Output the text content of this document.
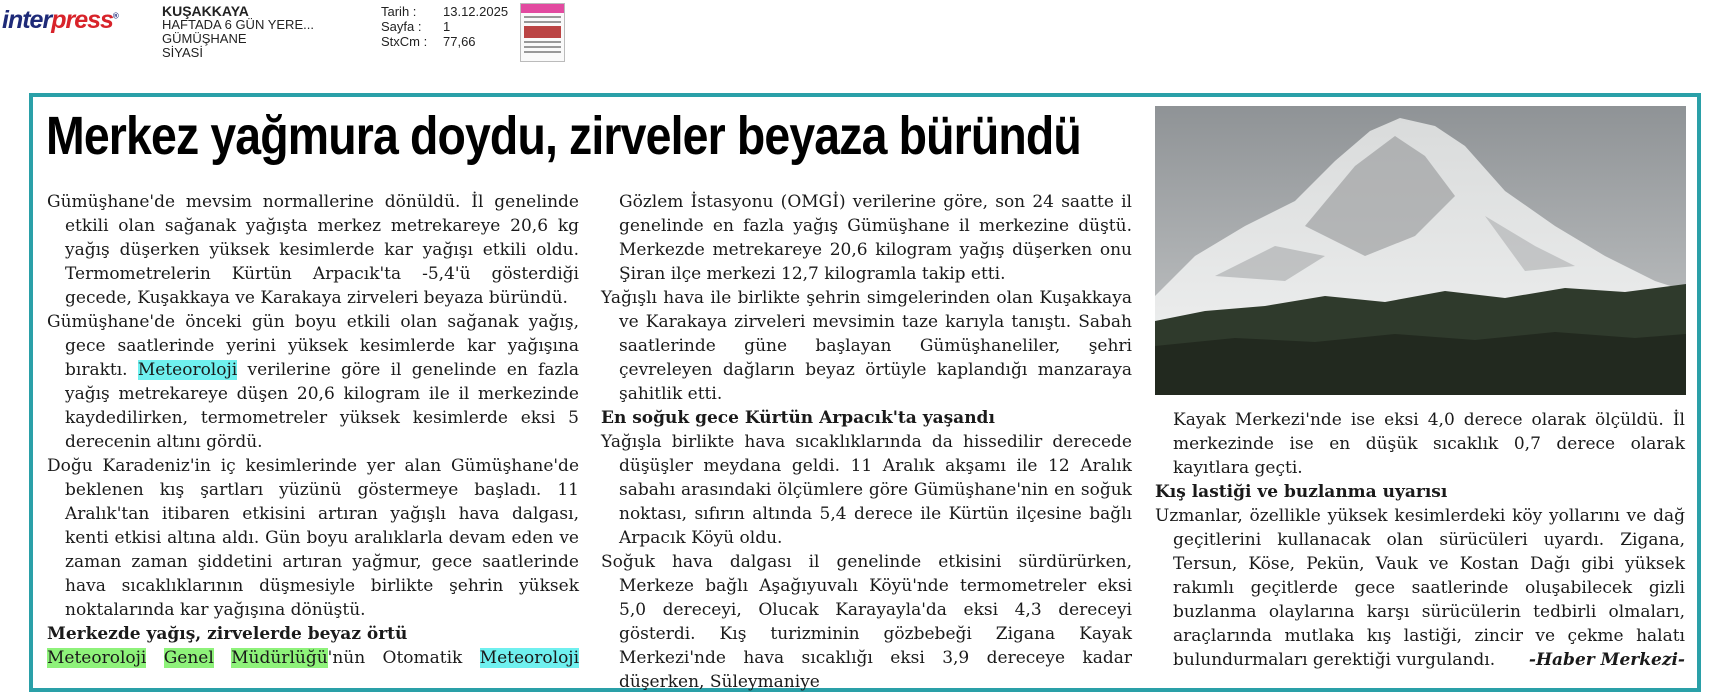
interpress®	KUŞAKKAYA
HAFTADA 6 GÜN YERE...
GÜMÜŞHANE
SİYASİ
Tarih :	13.12.2025
Sayfa :	1
StxCm :	77,66
Merkez yağmura doydu, zirveler beyaza büründü

Gümüşhane'de mevsim normallerine dönüldü. İl genelinde etkili olan sağanak yağışta merkez metrekareye 20,6 kg yağış düşerken yüksek kesimlerde kar yağışı etkili oldu. Termometrelerin Kürtün Arpacık'ta -5,4'ü gösterdiği gecede, Kuşakkaya ve Karakaya zirveleri beyaza büründü.

Gümüşhane'de önceki gün boyu etkili olan sağanak yağış, gece saatlerinde yerini yüksek kesimlerde kar yağışına bıraktı. Meteoroloji verilerine göre il genelinde en fazla yağış metrekareye düşen 20,6 kilogram ile il merkezinde kaydedilirken, termometreler yüksek kesimlerde eksi 5 derecenin altını gördü.

Doğu Karadeniz'in iç kesimlerinde yer alan Gümüşhane'de beklenen kış şartları yüzünü göstermeye başladı. 11 Aralık'tan itibaren etkisini artıran yağışlı hava dalgası, kenti etkisi altına aldı. Gün boyu aralıklarla devam eden ve zaman zaman şiddetini artıran yağmur, gece saatlerinde hava sıcaklıklarının düşmesiyle birlikte şehrin yüksek noktalarında kar yağışına dönüştü.

Merkezde yağış, zirvelerde beyaz örtü

Meteoroloji Genel Müdürlüğü'nün Otomatik Meteoroloji

Gözlem İstasyonu (OMGİ) verilerine göre, son 24 saatte il genelinde en fazla yağış Gümüşhane il merkezine düştü. Merkezde metrekareye 20,6 kilogram yağış düşerken onu Şiran ilçe merkezi 12,7 kilogramla takip etti.

Yağışlı hava ile birlikte şehrin simgelerinden olan Kuşakkaya ve Karakaya zirveleri mevsimin taze karıyla tanıştı. Sabah saatlerinde güne başlayan Gümüşhaneliler, şehri çevreleyen dağların beyaz örtüyle kaplandığı manzaraya şahitlik etti.

En soğuk gece Kürtün Arpacık'ta yaşandı

Yağışla birlikte hava sıcaklıklarında da hissedilir derecede düşüşler meydana geldi. 11 Aralık akşamı ile 12 Aralık sabahı arasındaki ölçümlere göre Gümüşhane'nin en soğuk noktası, sıfırın altında 5,4 derece ile Kürtün ilçesine bağlı Arpacık Köyü oldu.

Soğuk hava dalgası il genelinde etkisini sürdürürken, Merkeze bağlı Aşağıyuvalı Köyü'nde termometreler eksi 5,0 dereceyi, Olucak Karayayla'da eksi 4,3 dereceyi gösterdi. Kış turizminin gözbebeği Zigana Kayak Merkezi'nde hava sıcaklığı eksi 3,9 dereceye kadar düşerken, Süleymaniye

Kayak Merkezi'nde ise eksi 4,0 derece olarak ölçüldü. İl merkezinde ise en düşük sıcaklık 0,7 derece olarak kayıtlara geçti.

Kış lastiği ve buzlanma uyarısı

Uzmanlar, özellikle yüksek kesimlerdeki köy yollarını ve dağ geçitlerini kullanacak olan sürücüleri uyardı. Zigana, Tersun, Köse, Pekün, Vauk ve Kostan Dağı gibi yüksek rakımlı geçitlerde gece saatlerinde oluşabilecek gizli buzlanma olaylarına karşı sürücülerin tedbirli olmaları, araçlarında mutlaka kış lastiği, zincir ve çekme halatı bulundurmaları gerektiği vurgulandı. -Haber Merkezi-
